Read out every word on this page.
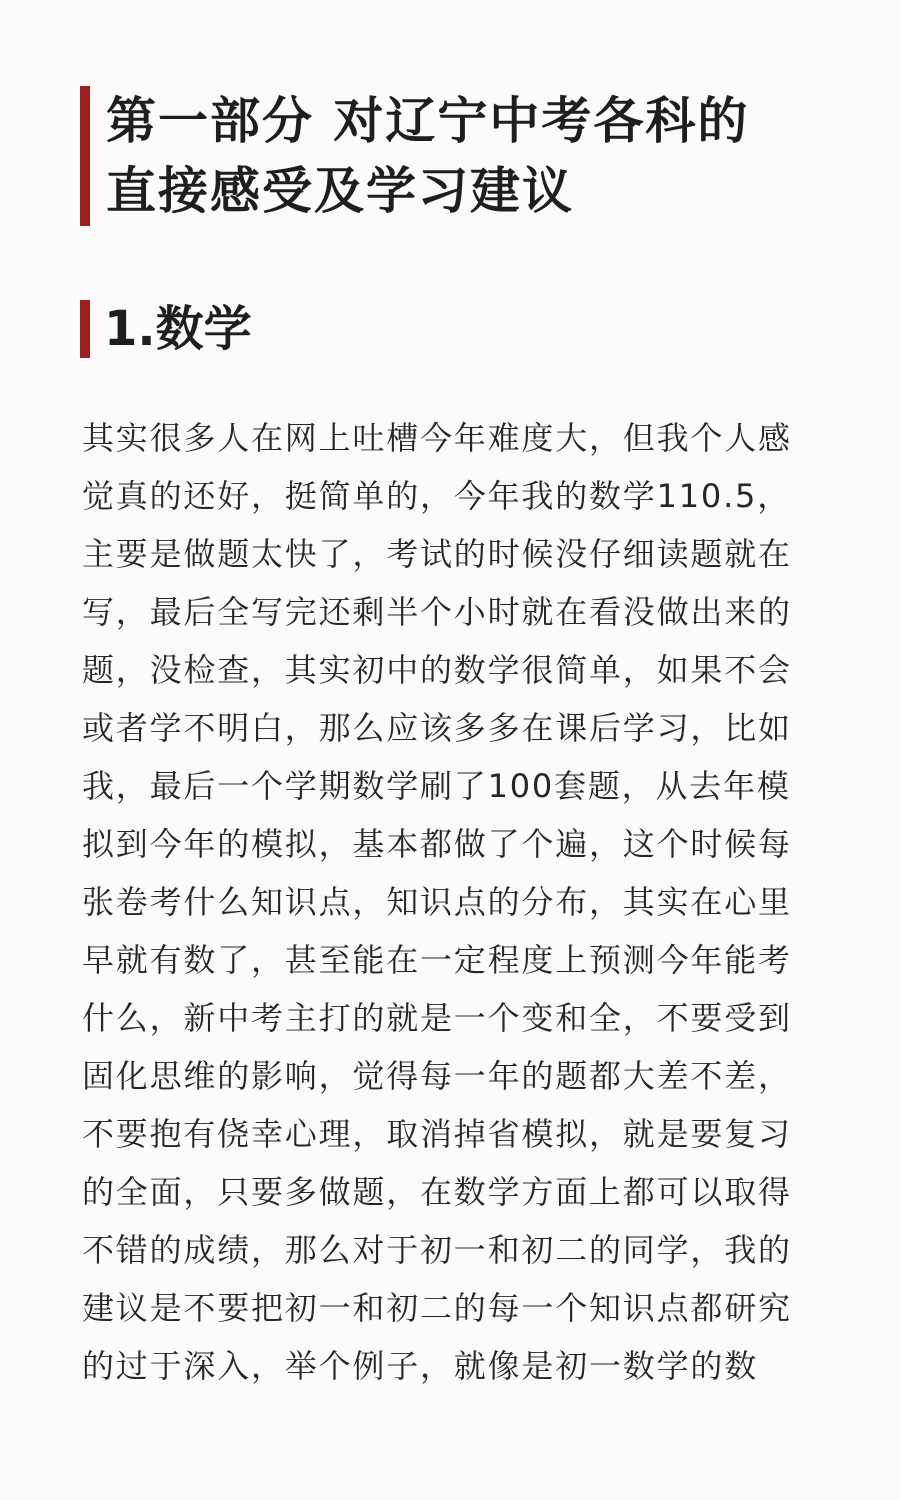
第一部分 对辽宁中考各科的
直接感受及学习建议
1.数学
其实很多人在网上吐槽今年难度大，但我个人感
觉真的还好，挺简单的，今年我的数学110.5，
主要是做题太快了，考试的时候没仔细读题就在
写，最后全写完还剩半个小时就在看没做出来的
题，没检查，其实初中的数学很简单，如果不会
或者学不明白，那么应该多多在课后学习，比如
我，最后一个学期数学刷了100套题，从去年模
拟到今年的模拟，基本都做了个遍，这个时候每
张卷考什么知识点，知识点的分布，其实在心里
早就有数了，甚至能在一定程度上预测今年能考
什么，新中考主打的就是一个变和全，不要受到
固化思维的影响，觉得每一年的题都大差不差，
不要抱有侥幸心理，取消掉省模拟，就是要复习
的全面，只要多做题，在数学方面上都可以取得
不错的成绩，那么对于初一和初二的同学，我的
建议是不要把初一和初二的每一个知识点都研究
的过于深入，举个例子，就像是初一数学的数
